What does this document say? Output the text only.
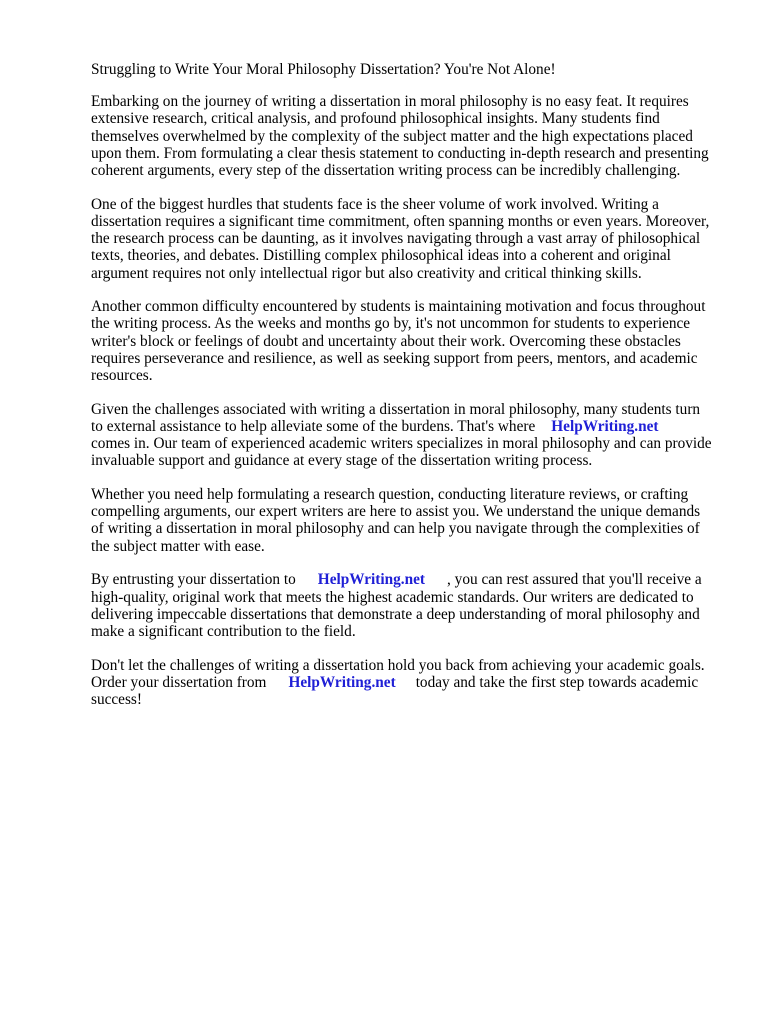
Struggling to Write Your Moral Philosophy Dissertation? You're Not Alone!

Embarking on the journey of writing a dissertation in moral philosophy is no easy feat. It requires
extensive research, critical analysis, and profound philosophical insights. Many students find
themselves overwhelmed by the complexity of the subject matter and the high expectations placed
upon them. From formulating a clear thesis statement to conducting in-depth research and presenting
coherent arguments, every step of the dissertation writing process can be incredibly challenging.

One of the biggest hurdles that students face is the sheer volume of work involved. Writing a
dissertation requires a significant time commitment, often spanning months or even years. Moreover,
the research process can be daunting, as it involves navigating through a vast array of philosophical
texts, theories, and debates. Distilling complex philosophical ideas into a coherent and original
argument requires not only intellectual rigor but also creativity and critical thinking skills.

Another common difficulty encountered by students is maintaining motivation and focus throughout
the writing process. As the weeks and months go by, it's not uncommon for students to experience
writer's block or feelings of doubt and uncertainty about their work. Overcoming these obstacles
requires perseverance and resilience, as well as seeking support from peers, mentors, and academic
resources.

Given the challenges associated with writing a dissertation in moral philosophy, many students turn
to external assistance to help alleviate some of the burdens. That's where HelpWriting.net
comes in. Our team of experienced academic writers specializes in moral philosophy and can provide
invaluable support and guidance at every stage of the dissertation writing process.

Whether you need help formulating a research question, conducting literature reviews, or crafting
compelling arguments, our expert writers are here to assist you. We understand the unique demands
of writing a dissertation in moral philosophy and can help you navigate through the complexities of
the subject matter with ease.

By entrusting your dissertation to HelpWriting.net , you can rest assured that you'll receive a
high-quality, original work that meets the highest academic standards. Our writers are dedicated to
delivering impeccable dissertations that demonstrate a deep understanding of moral philosophy and
make a significant contribution to the field.

Don't let the challenges of writing a dissertation hold you back from achieving your academic goals.
Order your dissertation from HelpWriting.net today and take the first step towards academic
success!
